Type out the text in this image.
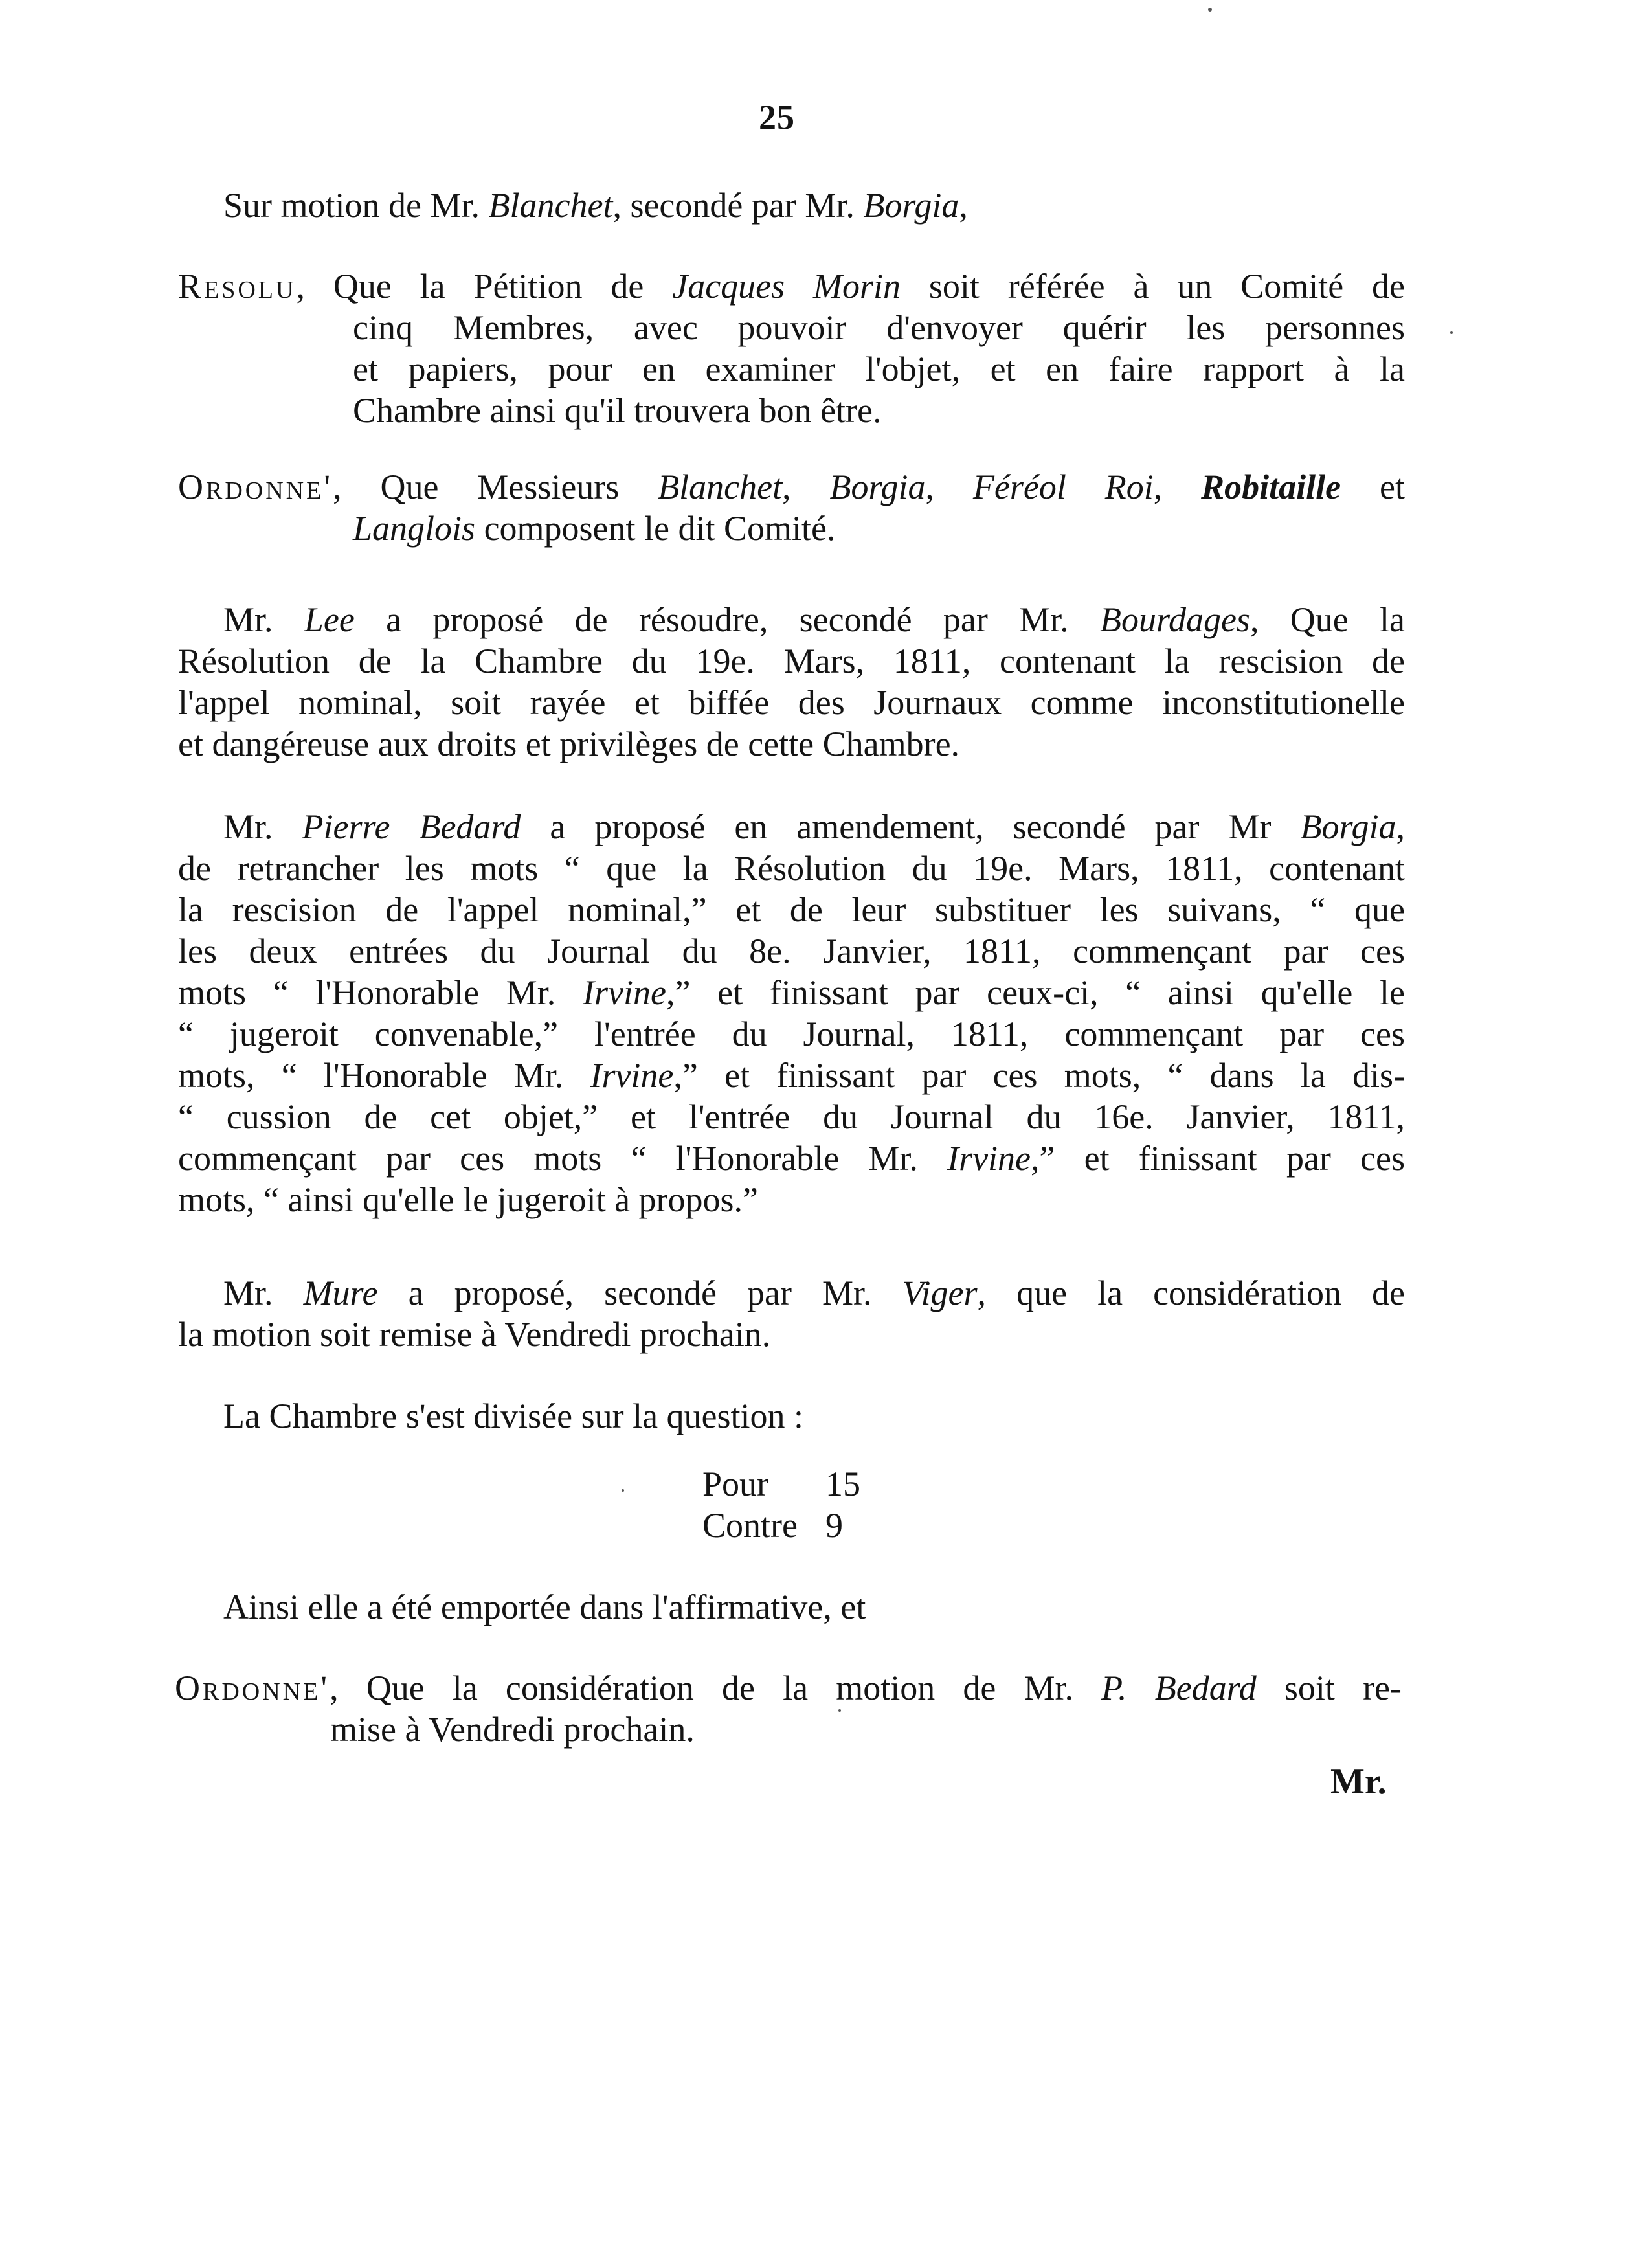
25
Sur motion de Mr. Blanchet, secondé par Mr. Borgia,
Resolu, Que la Pétition de Jacques Morin soit référée à un Comité de
cinq Membres, avec pouvoir d'envoyer quérir les personnes
et papiers, pour en examiner l'objet, et en faire rapport à la
Chambre ainsi qu'il trouvera bon être.
Ordonne', Que Messieurs Blanchet, Borgia, Féréol Roi, Robitaille et
Langlois composent le dit Comité.
Mr. Lee a proposé de résoudre, secondé par Mr. Bourdages, Que la
Résolution de la Chambre du 19e. Mars, 1811, contenant la rescision de
l'appel nominal, soit rayée et biffée des Journaux comme inconstitutionelle
et dangéreuse aux droits et privilèges de cette Chambre.
Mr. Pierre Bedard a proposé en amendement, secondé par Mr Borgia,
de retrancher les mots “ que la Résolution du 19e. Mars, 1811, contenant
la rescision de l'appel nominal,” et de leur substituer les suivans, “ que
les deux entrées du Journal du 8e. Janvier, 1811, commençant par ces
mots “ l'Honorable Mr. Irvine,” et finissant par ceux-ci, “ ainsi qu'elle le
“ jugeroit convenable,” l'entrée du Journal, 1811, commençant par ces
mots, “ l'Honorable Mr. Irvine,” et finissant par ces mots, “ dans la dis-
“ cussion de cet objet,” et l'entrée du Journal du 16e. Janvier, 1811,
commençant par ces mots “ l'Honorable Mr. Irvine,” et finissant par ces
mots, “ ainsi qu'elle le jugeroit à propos.”
Mr. Mure a proposé, secondé par Mr. Viger, que la considération de
la motion soit remise à Vendredi prochain.
La Chambre s'est divisée sur la question :
Pour 15
Contre 9
Ainsi elle a été emportée dans l'affirmative, et
Ordonne', Que la considération de la motion de Mr. P. Bedard soit re-
mise à Vendredi prochain.
Mr.
